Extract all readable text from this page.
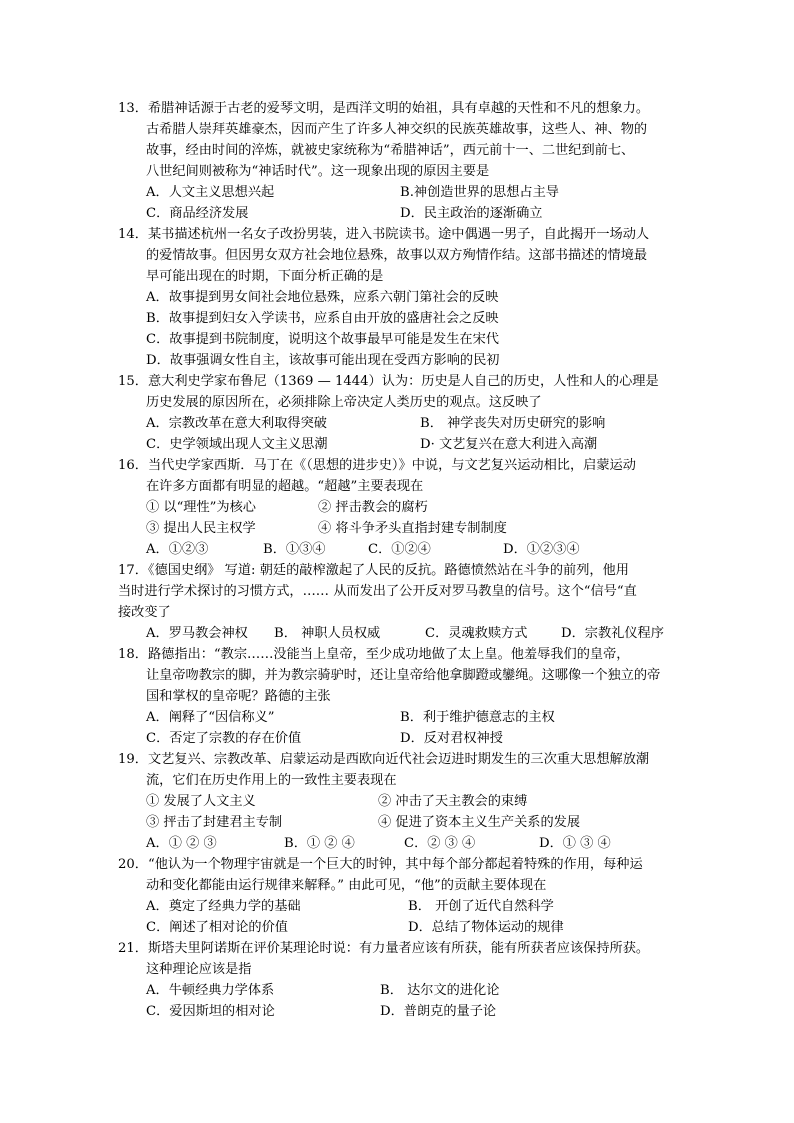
13．希腊神话源于古老的爱琴文明，是西洋文明的始祖，具有卓越的天性和不凡的想象力。
古希腊人崇拜英雄豪杰，因而产生了许多人神交织的民族英雄故事，这些人、神、物的
故事，经由时间的淬炼，就被史家统称为“希腊神话”，西元前十一、二世纪到前七、
八世纪间则被称为“神话时代”。这一现象出现的原因主要是
A．人文主义思想兴起	B.神创造世界的思想占主导
C．商品经济发展	D．民主政治的逐渐确立
14．某书描述杭州一名女子改扮男装，进入书院读书。途中偶遇一男子，自此揭开一场动人
的爱情故事。但因男女双方社会地位悬殊，故事以双方殉情作结。这部书描述的情境最
早可能出现在的时期，下面分析正确的是
A．故事提到男女间社会地位悬殊，应系六朝门第社会的反映
B．故事提到妇女入学读书，应系自由开放的盛唐社会之反映
C．故事提到书院制度，说明这个故事最早可能是发生在宋代
D．故事强调女性自主，该故事可能出现在受西方影响的民初
15．意大利史学家布鲁尼（1369 — 1444）认为：历史是人自己的历史，人性和人的心理是
历史发展的原因所在，必须排除上帝决定人类历史的观点。这反映了
A．宗教改革在意大利取得突破	B． 神学丧失对历史研究的影响
C．史学领域出现人文主义思潮	D· 文艺复兴在意大利进入高潮
16．当代史学家西斯．马丁在《（思想的进步史）》中说，与文艺复兴运动相比，启蒙运动
在许多方面都有明显的超越。“超越”主要表现在
① 以“理性”为核心	② 抨击教会的腐朽
③ 提出人民主权学	④ 将斗争矛头直指封建专制制度
A．①②③	B．①③④	C．①②④	D．①②③④
17．《德国史纲》 写道: 朝廷的敲榨激起了人民的反抗。路德愤然站在斗争的前列，他用
当时进行学术探讨的习惯方式，…… 从而发出了公开反对罗马教皇的信号。这个“信号“直
接改变了
A．罗马教会神权 B． 神职人员权威	C．灵魂救赎方式	D．宗教礼仪程序
18．路德指出：“教宗……没能当上皇帝，至少成功地做了太上皇。他羞辱我们的皇帝，
让皇帝吻教宗的脚，并为教宗骑驴时，还让皇帝给他拿脚蹬或鑾绳。这哪像一个独立的帝
国和掌权的皇帝呢？路德的主张
A．阐释了“因信称义”	B．利于维护德意志的主权
C．否定了宗教的存在价值	D．反对君权神授
19．文艺复兴、宗教改革、启蒙运动是西欧向近代社会迈进时期发生的三次重大思想解放潮
流，它们在历史作用上的一致性主要表现在
① 发展了人文主义	② 冲击了天主教会的束缚
③ 抨击了封建君主专制	④ 促进了资本主义生产关系的发展
A．① ② ③	B．① ② ④	C．② ③ ④	D．① ③ ④
20．“他认为一个物理宇宙就是一个巨大的时钟，其中每个部分都起着特殊的作用，每种运
动和变化都能由运行规律来解释。” 由此可见，“他”的贡献主要体现在
A．奠定了经典力学的基础	B． 开创了近代自然科学
C．阐述了相对论的价值	D．总结了物体运动的规律
21．斯塔夫里阿诺斯在评价某理论时说：有力量者应该有所获，能有所获者应该保持所获。
这种理论应该是指
A．牛顿经典力学体系	B． 达尔文的进化论
C．爱因斯坦的相对论	D．普朗克的量子论
